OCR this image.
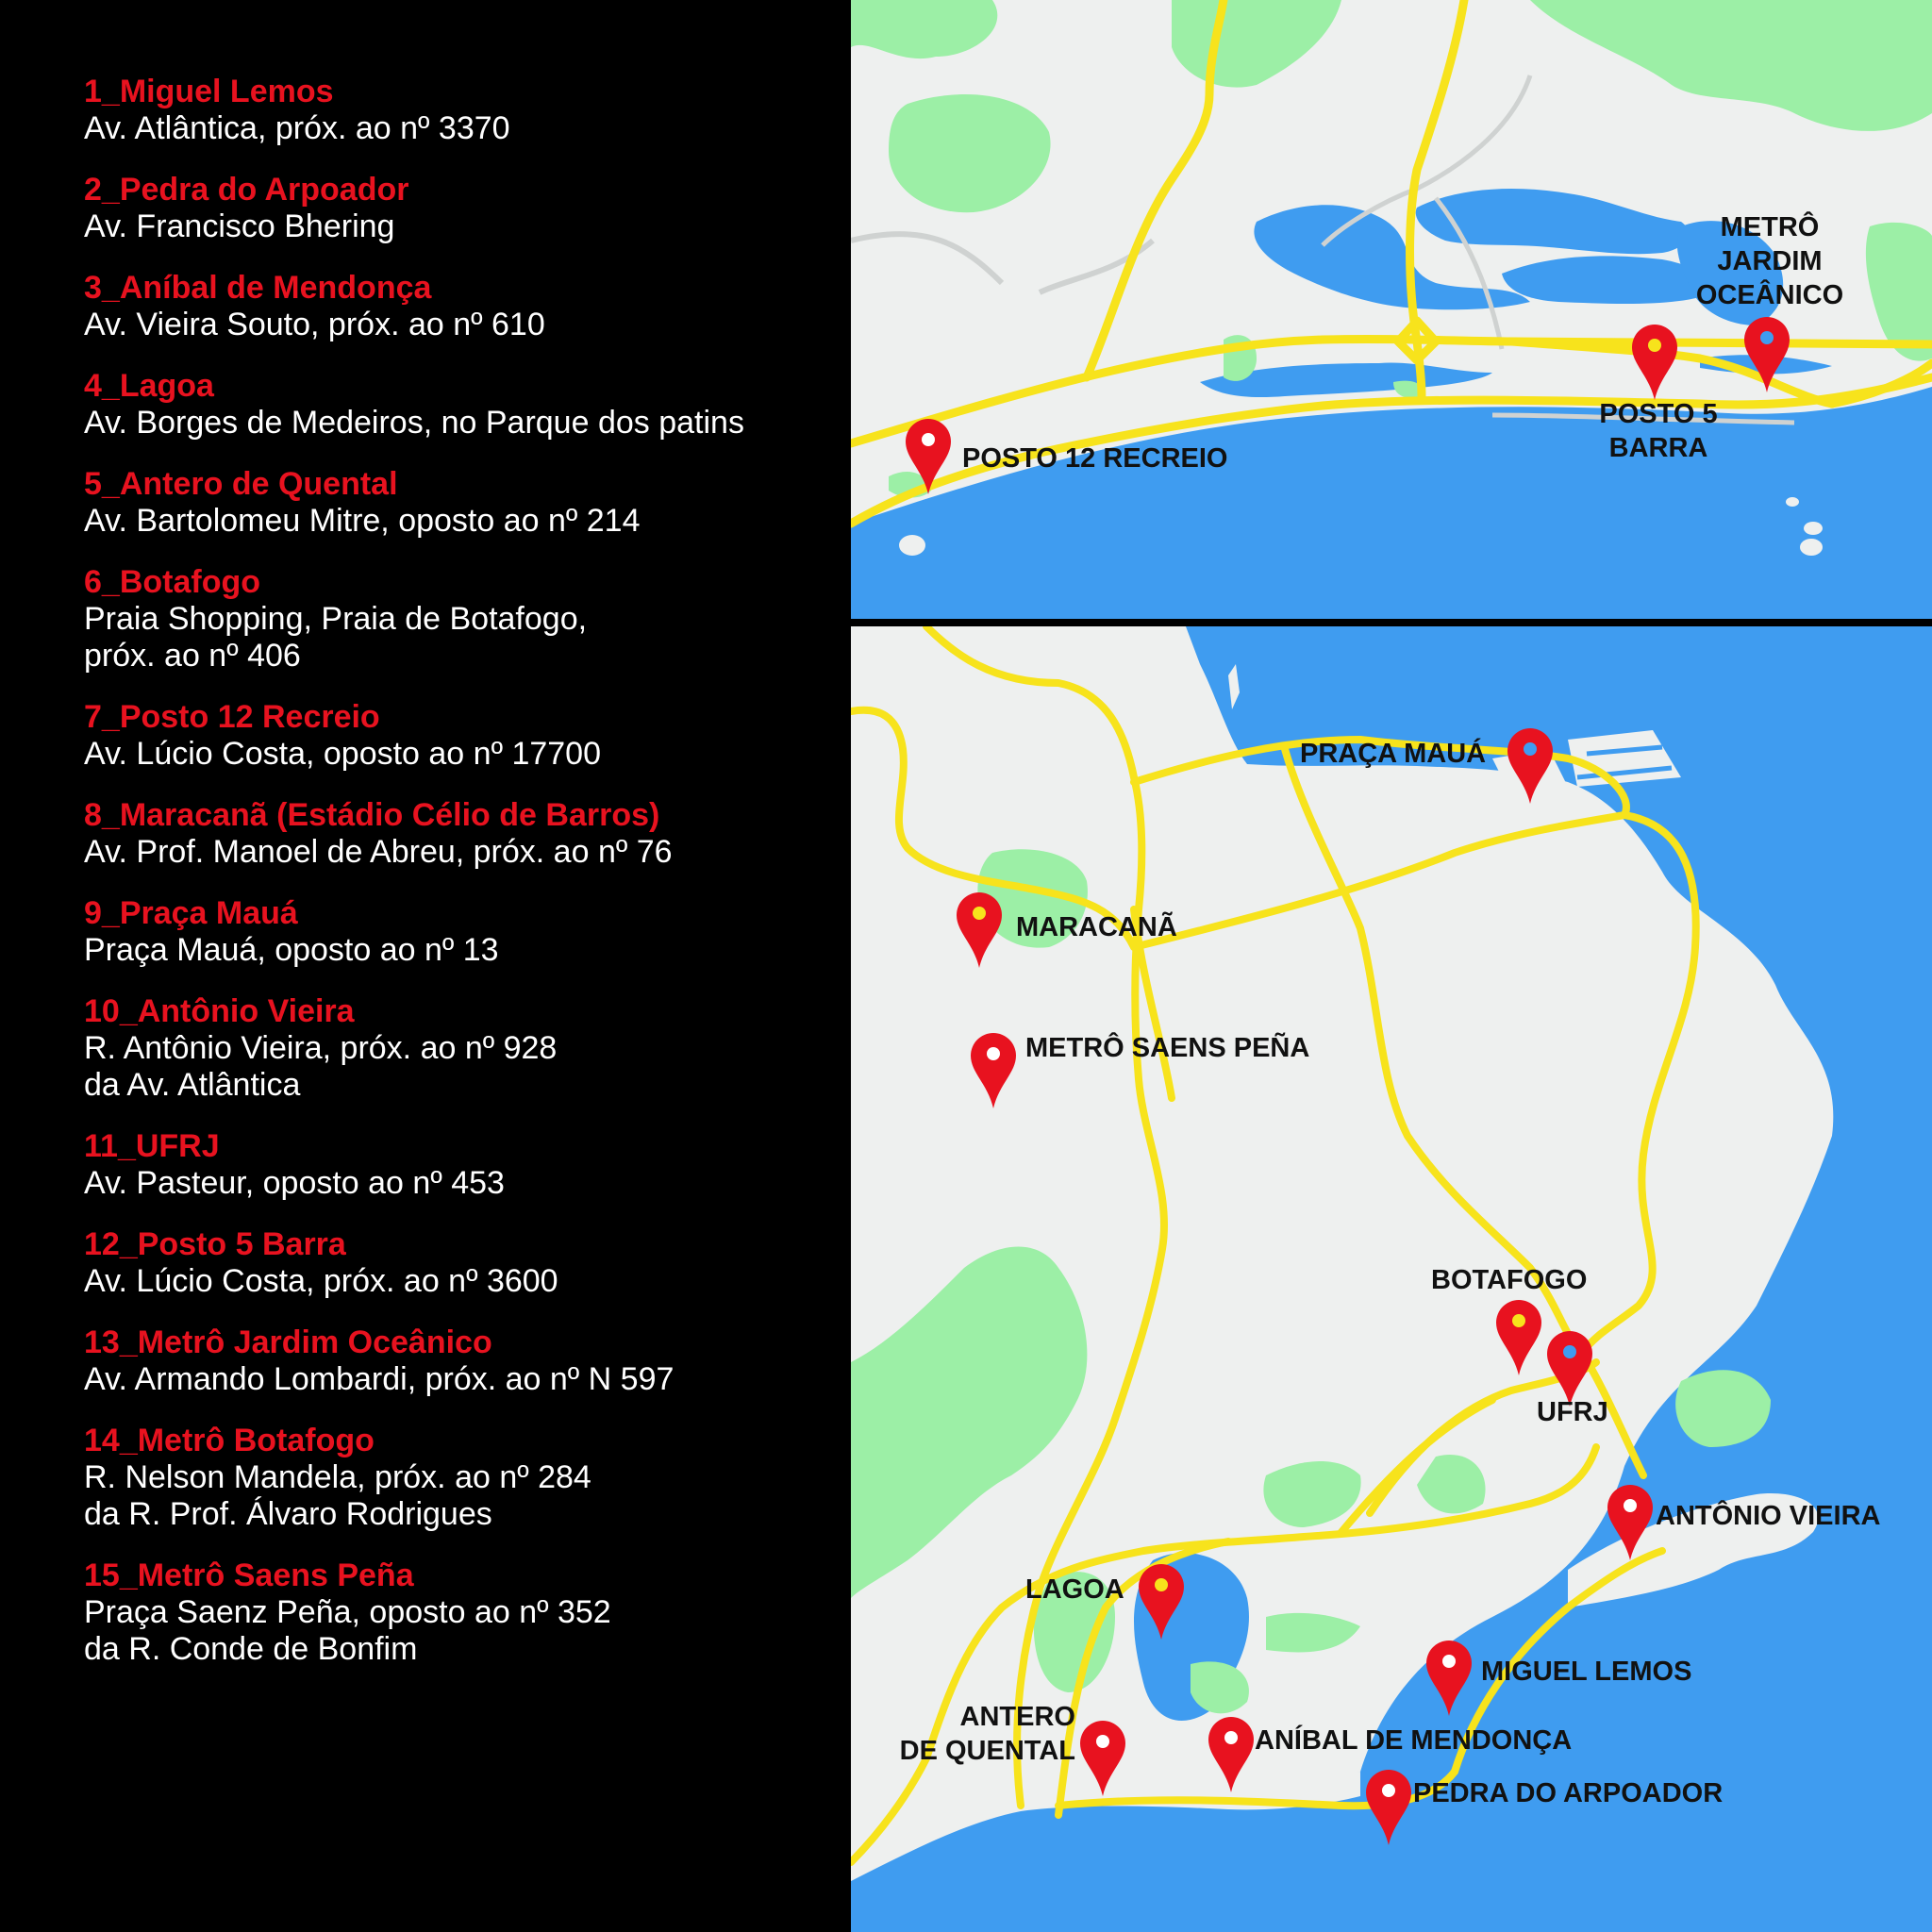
1_Miguel Lemos
Av. Atlântica, próx. ao nº 3370
2_Pedra do Arpoador
Av. Francisco Bhering
3_Aníbal de Mendonça
Av. Vieira Souto, próx. ao nº 610
4_Lagoa
Av. Borges de Medeiros, no Parque dos patins
5_Antero de Quental
Av. Bartolomeu Mitre, oposto ao nº 214
6_Botafogo
Praia Shopping, Praia de Botafogo,
próx. ao nº 406
7_Posto 12 Recreio
Av. Lúcio Costa, oposto ao nº 17700
8_Maracanã (Estádio Célio de Barros)
Av. Prof. Manoel de Abreu, próx. ao nº 76
9_Praça Mauá
Praça Mauá, oposto ao nº 13
10_Antônio Vieira
R. Antônio Vieira, próx. ao nº 928
da Av. Atlântica
11_UFRJ
Av. Pasteur, oposto ao nº 453
12_Posto 5 Barra
Av. Lúcio Costa, próx. ao nº 3600
13_Metrô Jardim Oceânico
Av. Armando Lombardi, próx. ao nº N 597
14_Metrô Botafogo
R. Nelson Mandela, próx. ao nº 284
da R. Prof. Álvaro Rodrigues
15_Metrô Saens Peña
Praça Saenz Peña, oposto ao nº 352
da R. Conde de Bonfim
POSTO 12 RECREIO
POSTO 5
BARRA
METRÔ
JARDIM
OCEÂNICO
PRAÇA MAUÁ
MARACANÃ
METRÔ SAENS PEÑA
BOTAFOGO
UFRJ
ANTÔNIO VIEIRA
LAGOA
MIGUEL LEMOS
ANTERO
DE QUENTAL	ANÍBAL DE MENDONÇA
PEDRA DO ARPOADOR
